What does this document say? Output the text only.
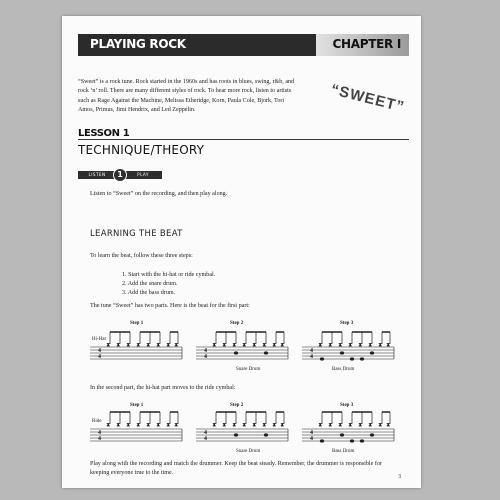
PLAYING ROCK	CHAPTER I

“Sweet” is a rock tune. Rock started in the 1960s and has roots in blues, swing, r&b, and rock ‘n’ roll. There are many different styles of rock. To hear more rock, listen to artists such as Rage Against the Machine, Melissa Etheridge, Korn, Paula Cole, Bjork, Tori Amos, Primus, Jimi Hendrix, and Led Zeppelin.	“SWEET”
LESSON 1
TECHNIQUE/THEORY
LISTEN	1	PLAY

Listen to “Sweet” on the recording, and then play along.

LEARNING THE BEAT

To learn the beat, follow these three steps:

1. Start with the hi-hat or ride cymbal.
2. Add the snare drum.
3. Add the bass drum.

The tune “Sweet” has two parts. Here is the beat for the first part:

Step 1	Step 2	Step 3
Hi-Hat
4
4
4
4
4
4
x x x x x x x x	x x x x x x x x	x x x x x x x x
Snare Drum	Bass Drum

In the second part, the hi-hat part moves to the ride cymbal:

Step 1	Step 2	Step 3
Ride
4
4
4
4
4
4
x x x x x x x x	x x x x x x x x	x x x x x x x x
Snare Drum	Bass Drum

Play along with the recording and match the drummer. Keep the beat steady. Remember, the drummer is responsible for keeping everyone true to the time.

3
